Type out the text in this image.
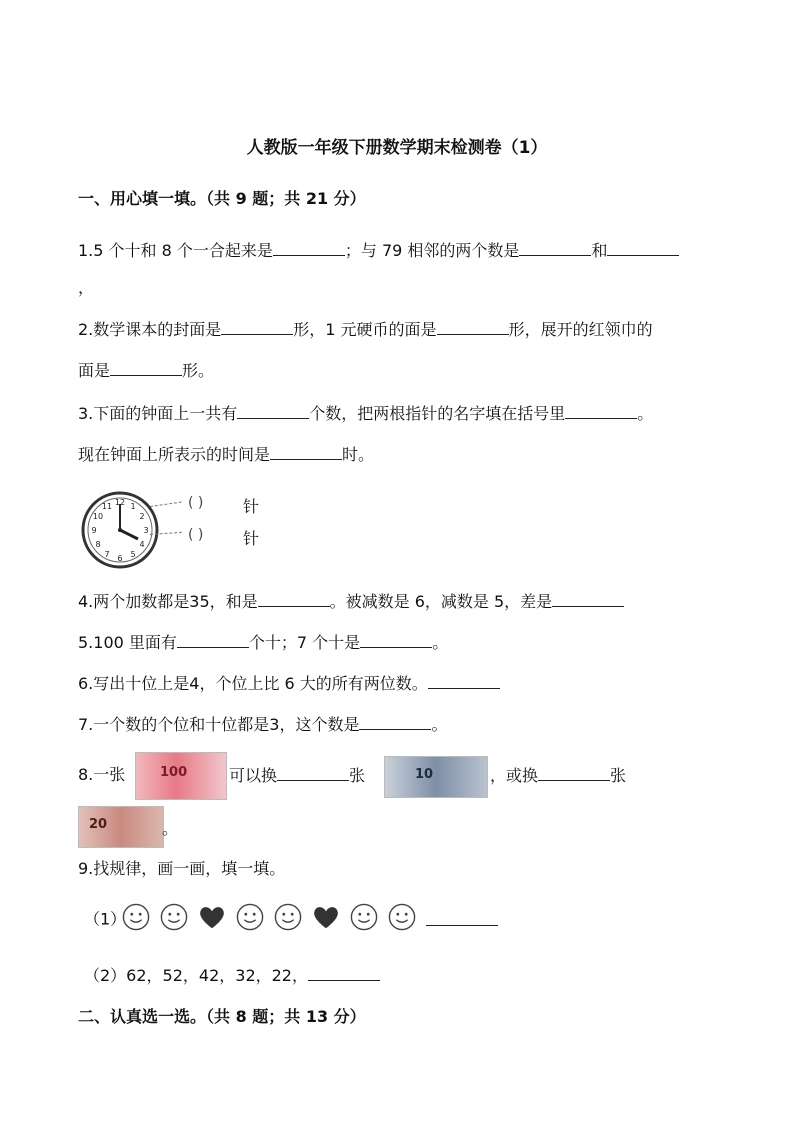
人教版一年级下册数学期末检测卷（1）
一、用心填一填。（共 9 题；共 21 分）
1.5 个十和 8 个一合起来是	；与 79 相邻的两个数是	和
，
2.数学课本的封面是	形，1 元硬币的面是	形，展开的红领巾的
面是	形。
3.下面的钟面上一共有	个数，把两根指针的名字填在括号里	。
现在钟面上所表示的时间是	时。
12 1
2
3
4
5
6
7
8
9
10
11	( ) 针
( ) 针
4.两个加数都是35，和是	。被减数是 6，减数是 5，差是
5.100 里面有	个十；7 个十是	。
6.写出十位上是4，个位上比 6 大的所有两位数。
7.一个数的个位和十位都是3，这个数是	。
8.一张	100	可以换	张	10	，或换	张
20	。
9.找规律，画一画，填一填。
（1）
（2）62，52，42，32，22，
二、认真选一选。（共 8 题；共 13 分）
